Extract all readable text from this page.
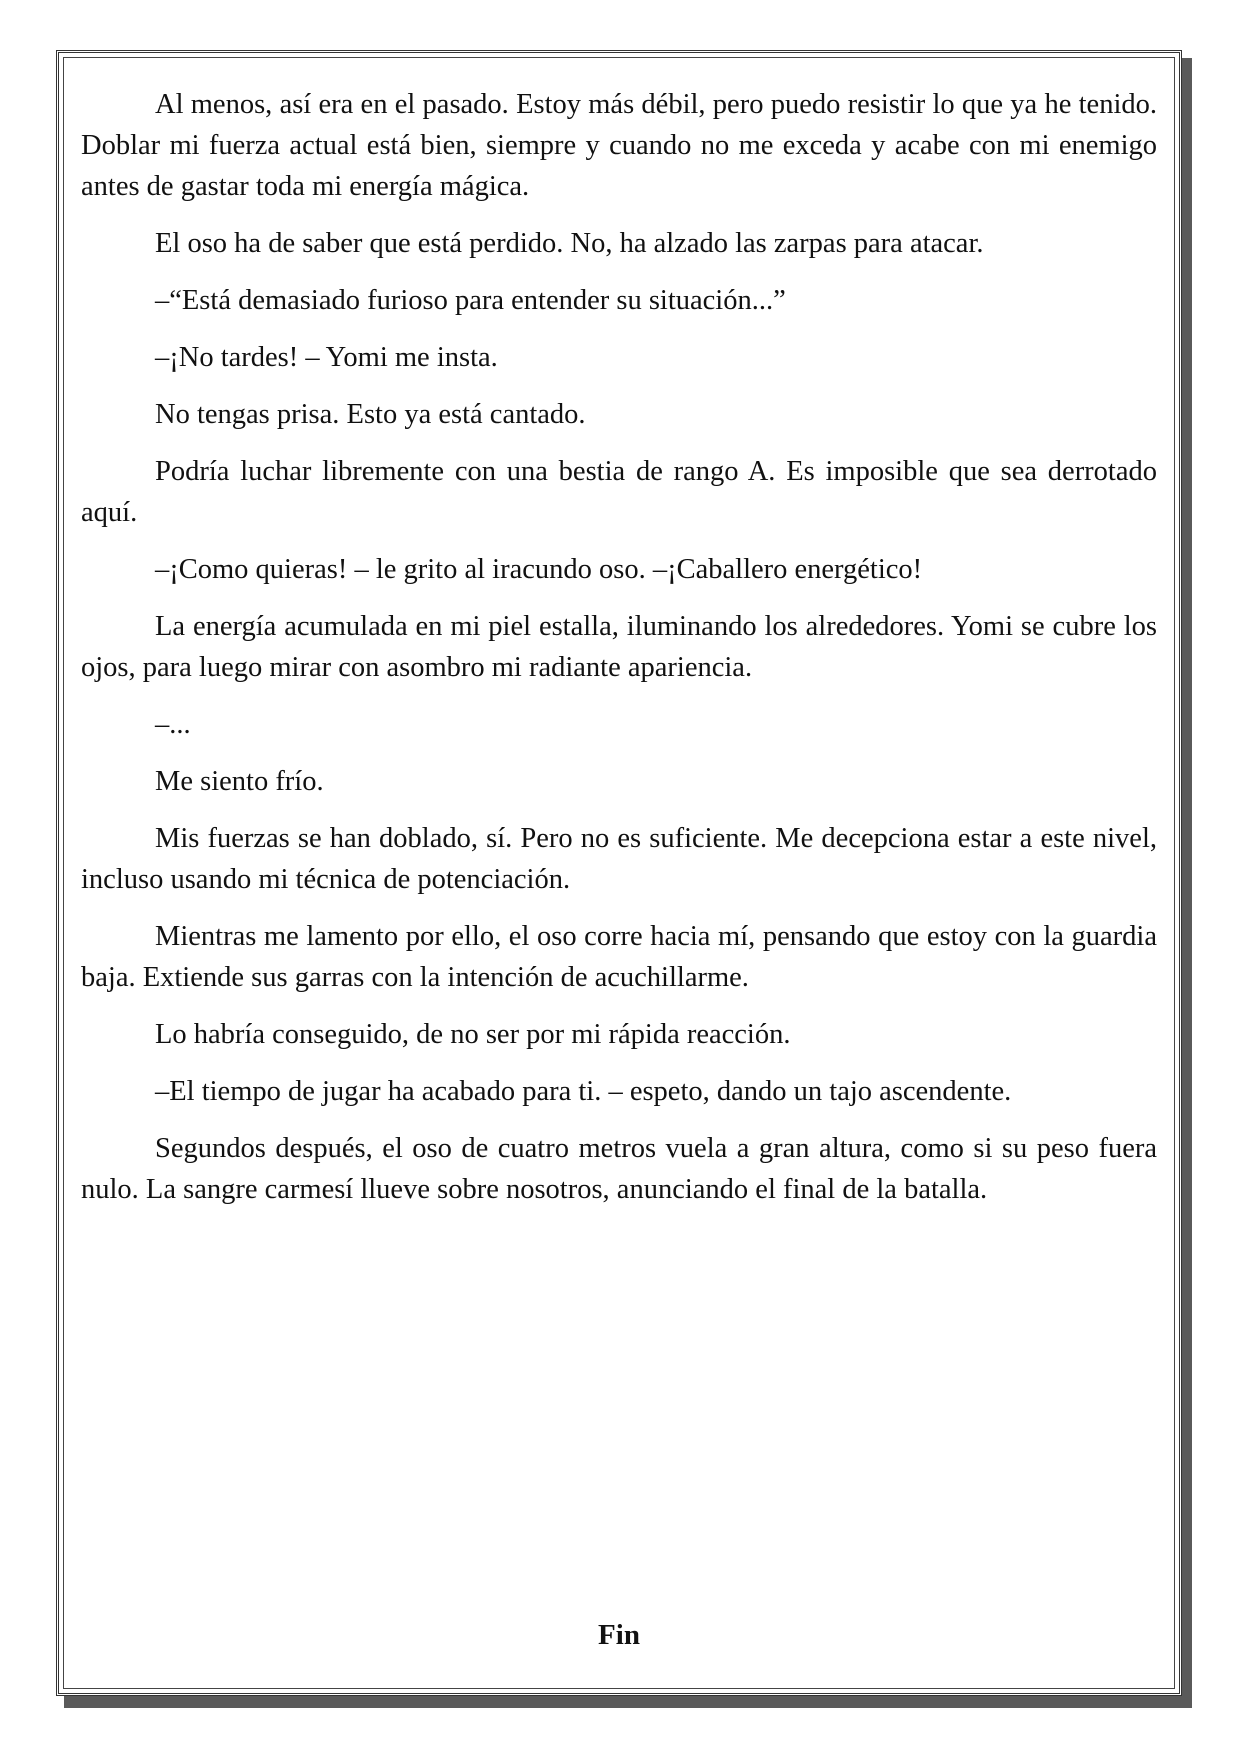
Al menos, así era en el pasado. Estoy más débil, pero puedo resistir lo que ya he tenido. Doblar mi fuerza actual está bien, siempre y cuando no me exceda y acabe con mi enemigo antes de gastar toda mi energía mágica.

El oso ha de saber que está perdido. No, ha alzado las zarpas para atacar.

–“Está demasiado furioso para entender su situación...”

–¡No tardes! – Yomi me insta.

No tengas prisa. Esto ya está cantado.

Podría luchar libremente con una bestia de rango A. Es imposible que sea derrotado aquí.

–¡Como quieras! – le grito al iracundo oso. –¡Caballero energético!

La energía acumulada en mi piel estalla, iluminando los alrededores. Yomi se cubre los ojos, para luego mirar con asombro mi radiante apariencia.

–...

Me siento frío.

Mis fuerzas se han doblado, sí. Pero no es suficiente. Me decepciona estar a este nivel, incluso usando mi técnica de potenciación.

Mientras me lamento por ello, el oso corre hacia mí, pensando que estoy con la guardia baja. Extiende sus garras con la intención de acuchillarme.

Lo habría conseguido, de no ser por mi rápida reacción.

–El tiempo de jugar ha acabado para ti. – espeto, dando un tajo ascendente.

Segundos después, el oso de cuatro metros vuela a gran altura, como si su peso fuera nulo. La sangre carmesí llueve sobre nosotros, anunciando el final de la batalla.

Fin
